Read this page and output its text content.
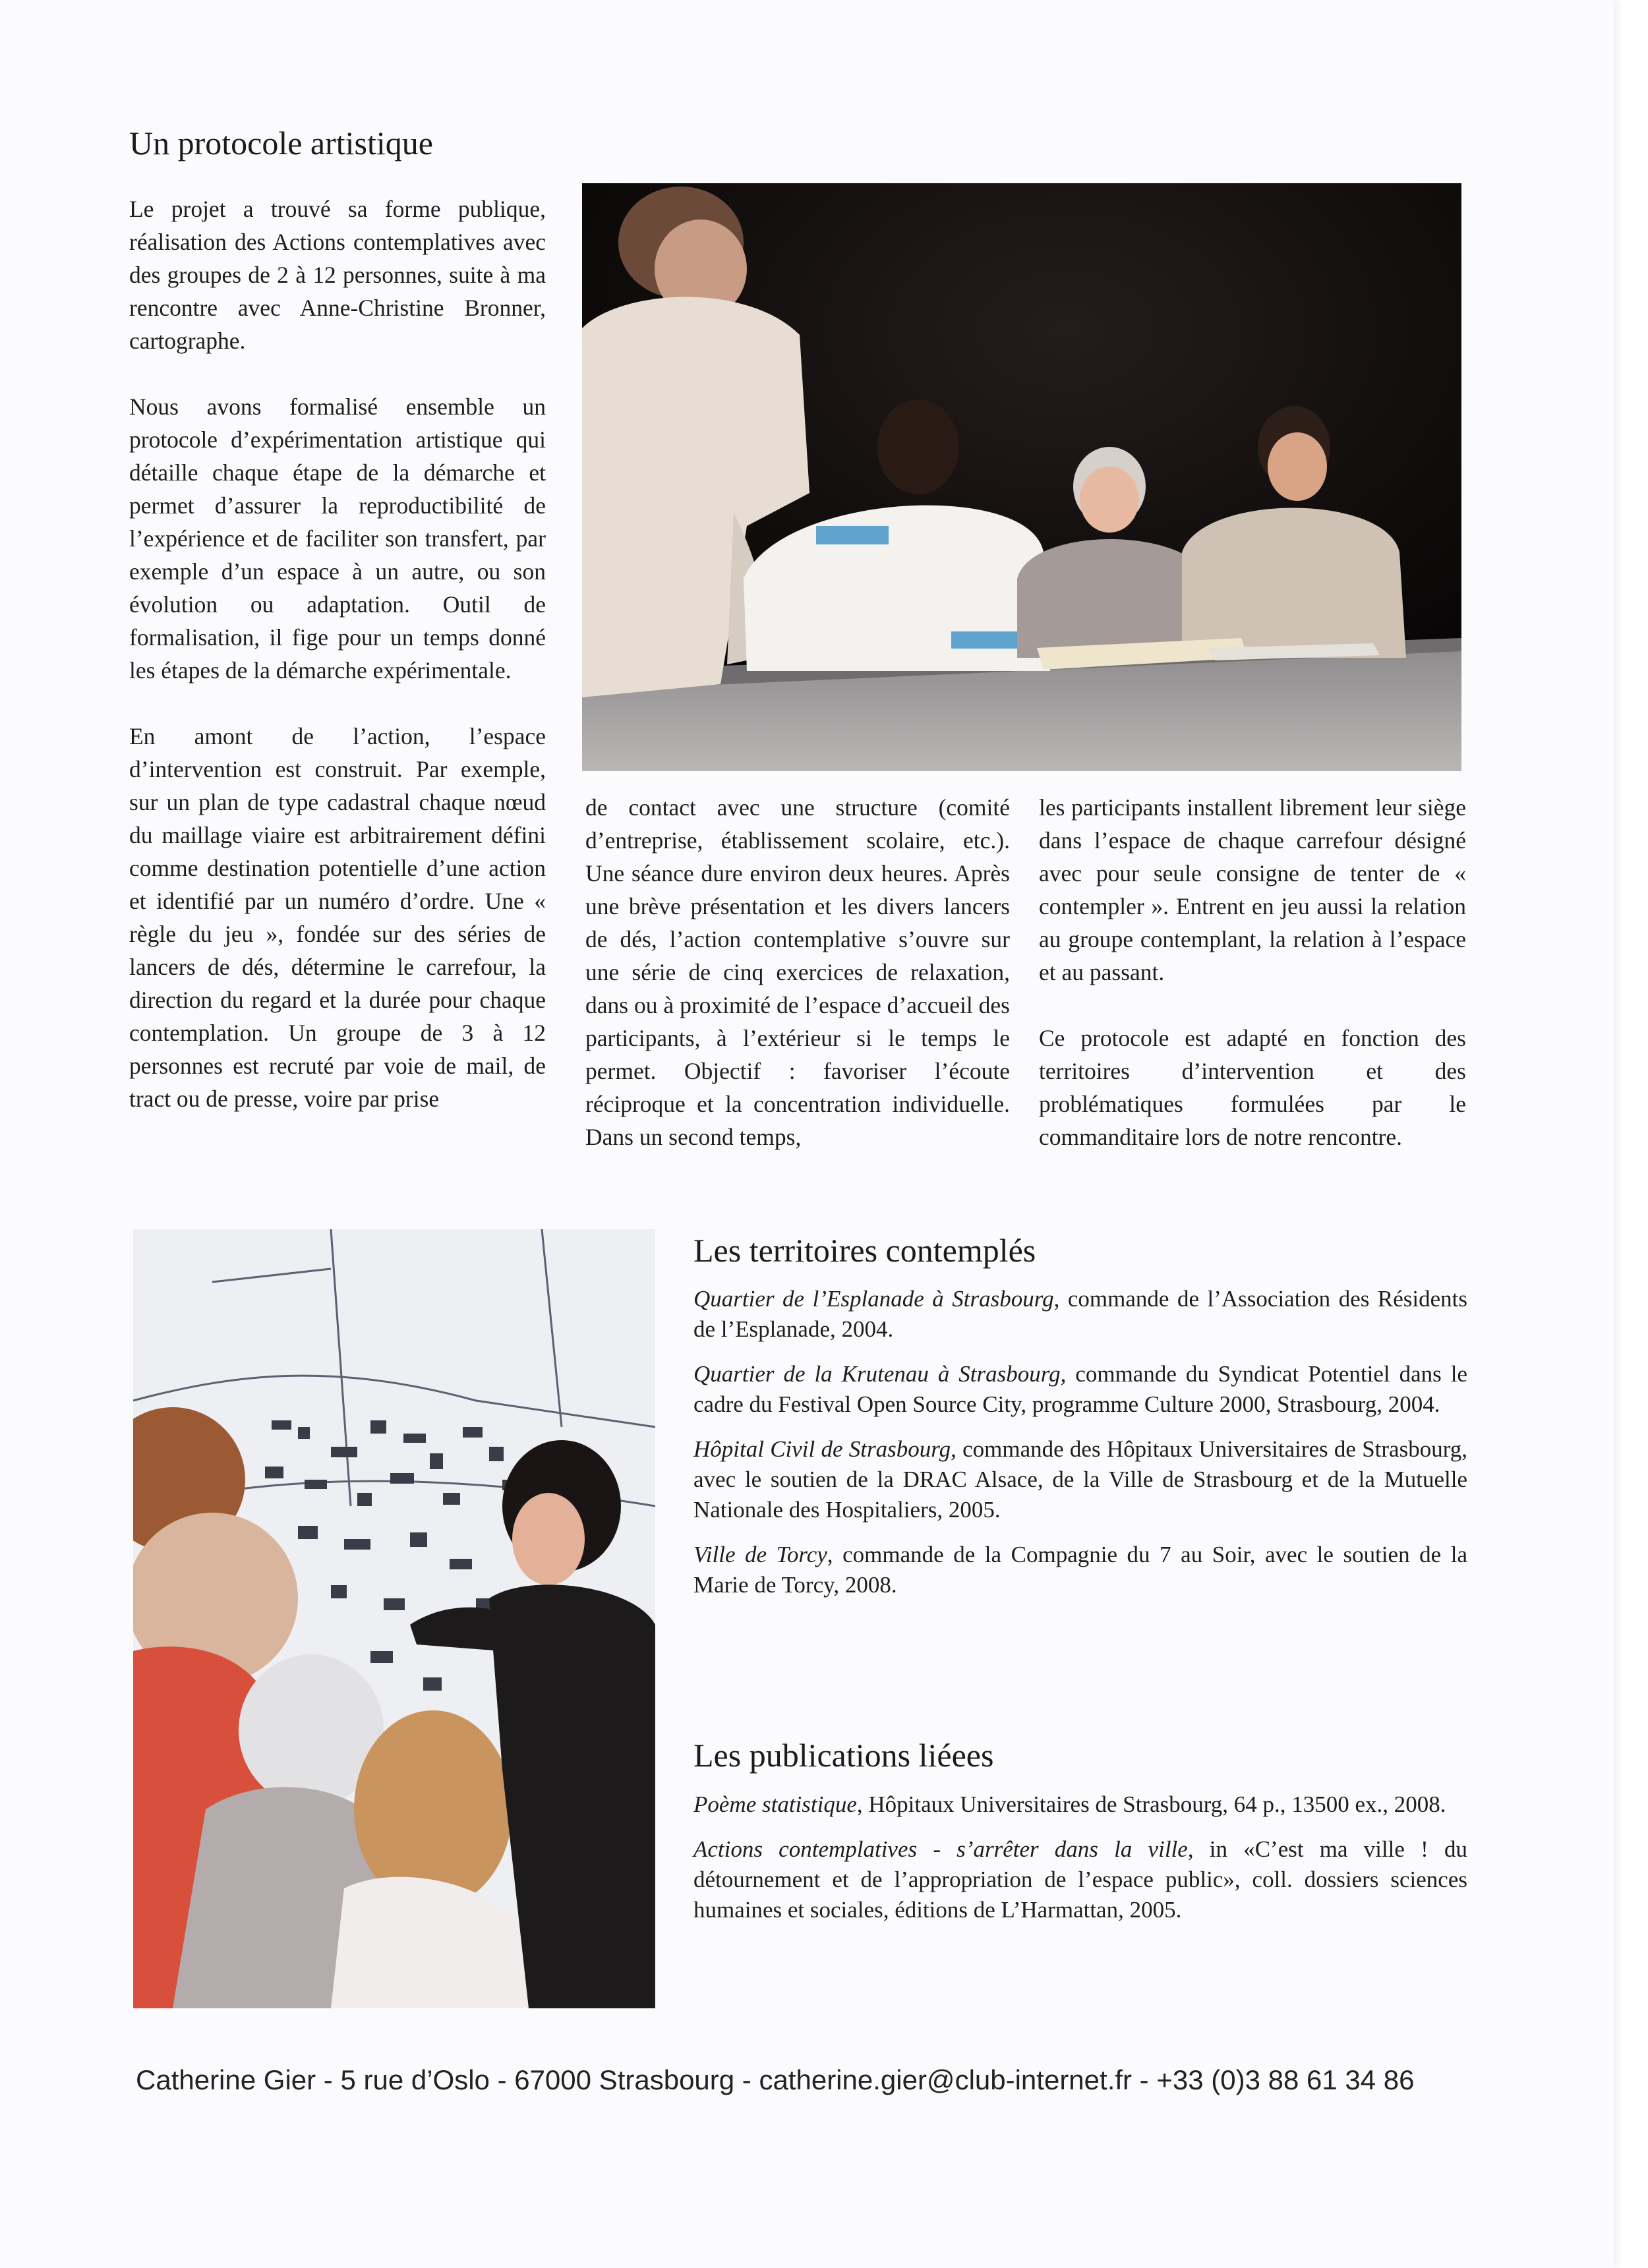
Un protocole artistique

Le projet a trouvé sa forme publique, réalisation des Actions contemplatives avec des groupes de 2 à 12 personnes, suite à ma rencontre avec Anne-Christine Bronner, cartographe.

Nous avons formalisé ensemble un protocole d’expérimentation artistique qui détaille chaque étape de la démarche et permet d’assurer la reproductibilité de l’expérience et de faciliter son transfert, par exemple d’un espace à un autre, ou son évolution ou adaptation. Outil de formalisation, il fige pour un temps donné les étapes de la démarche expérimentale.

En amont de l’action, l’espace d’intervention est construit. Par exemple, sur un plan de type cadastral chaque nœud du maillage viaire est arbitrairement défini comme destination potentielle d’une action et identifié par un numéro d’ordre. Une « règle du jeu », fondée sur des séries de lancers de dés, détermine le carrefour, la direction du regard et la durée pour chaque contemplation. Un groupe de 3 à 12 personnes est recruté par voie de mail, de tract ou de presse, voire par prise

de contact avec une structure (comité d’entreprise, établissement scolaire, etc.). Une séance dure environ deux heures. Après une brève présentation et les divers lancers de dés, l’action contemplative s’ouvre sur une série de cinq exercices de relaxation, dans ou à proximité de l’espace d’accueil des participants, à l’extérieur si le temps le permet. Objectif : favoriser l’écoute réciproque et la concentration individuelle. Dans un second temps,

les participants installent librement leur siège dans l’espace de chaque carrefour désigné avec pour seule consigne de tenter de « contempler ». Entrent en jeu aussi la relation au groupe contemplant, la relation à l’espace et au passant.

Ce protocole est adapté en fonction des territoires d’intervention et des problématiques formulées par le commanditaire lors de notre rencontre.

Les territoires contemplés

Quartier de l’Esplanade à Strasbourg, commande de l’Association des Résidents de l’Esplanade, 2004.

Quartier de la Krutenau à Strasbourg, commande du Syndicat Potentiel dans le cadre du Festival Open Source City, programme Culture 2000, Strasbourg, 2004.

Hôpital Civil de Strasbourg, commande des Hôpitaux Universitaires de Strasbourg, avec le soutien de la DRAC Alsace, de la Ville de Strasbourg et de la Mutuelle Nationale des Hospitaliers, 2005.

Ville de Torcy, commande de la Compagnie du 7 au Soir, avec le soutien de la Marie de Torcy, 2008.

Les publications liéees

Poème statistique, Hôpitaux Universitaires de Strasbourg, 64 p., 13500 ex., 2008.

Actions contemplatives - s’arrêter dans la ville, in «C’est ma ville ! du détournement et de l’appropriation de l’espace public», coll. dossiers sciences humaines et sociales, éditions de L’Harmattan, 2005.

Catherine Gier - 5 rue d’Oslo - 67000 Strasbourg - catherine.gier@club-internet.fr - +33 (0)3 88 61 34 86
